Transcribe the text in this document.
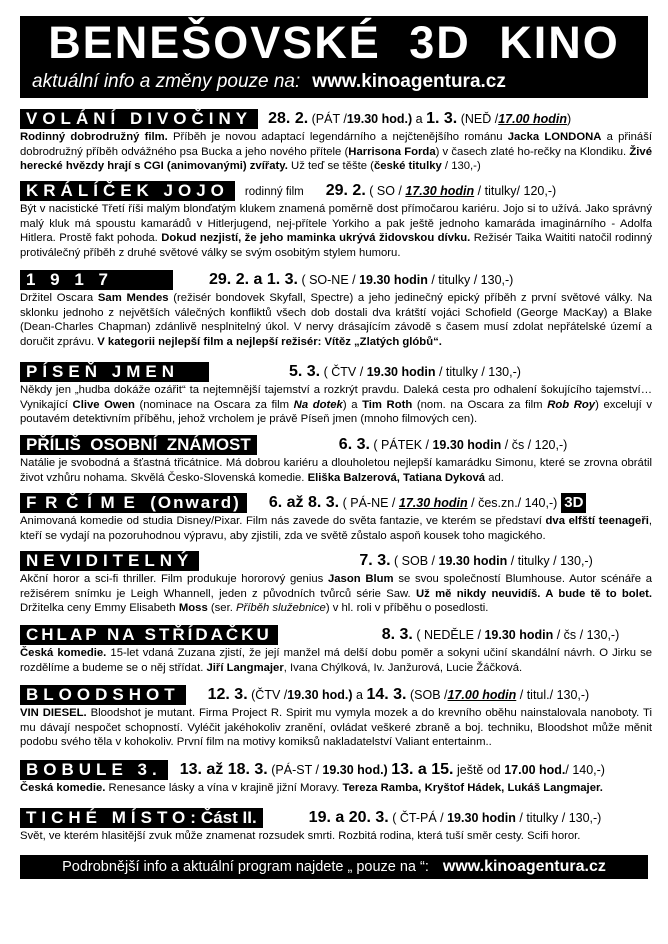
BENEŠOVSKÉ 3D KINO
aktuální info a změny pouze na: www.kinoagentura.cz
VOLÁNÍ DIVOČINY 28. 2. (PÁT /19.30 hod.) a 1. 3. (NEĎ /17.00 hodin)
Rodinný dobrodružný film. Příběh je novou adaptací legendárního a nejčtenějšího románu Jacka LONDONA a přináší dobrodružný příběh odvážného psa Bucka a jeho nového přítele (Harrisona Forda) v časech zlaté ho-rečky na Klondiku. Živé herecké hvězdy hrají s CGI (animovanými) zvířaty. Už teď se těšte (české titulky / 130,-)
KRÁLÍČEK JOJO rodinný film 29. 2. ( SO / 17.30 hodin / titulky/ 120,-)
Být v nacistické Třetí říši malým blonďatým klukem znamená poměrně dost přímočarou kariéru. Jojo si to užívá. Jako správný malý kluk má spoustu kamarádů v Hitlerjugend, nej-přítele Yorkiho a pak ještě jednoho kamaráda imaginárního - Adolfa Hitlera. Prostě fakt pohoda. Dokud nezjistí, že jeho maminka ukrývá židovskou dívku. Režisér Taika Waititi natočil rodinný protiválečný příběh z druhé světové války se svým osobitým stylem humoru.
1 9 1 7	29. 2. a 1. 3. ( SO-NE / 19.30 hodin / titulky / 130,-)
Držitel Oscara Sam Mendes (režisér bondovek Skyfall, Spectre) a jeho jedinečný epický příběh z první světové války. Na sklonku jednoho z největších válečných konfliktů všech dob dostali dva krátští vojáci Schofield (George MacKay) a Blake (Dean-Charles Chapman) zdánlivě nesplnitelný úkol. V nervy drásajícím závodě s časem musí zdolat nepřátelské území a doručit zprávu. V kategorii nejlepší film a nejlepší režisér: Vítěz „Zlatých glóbů“.
PÍSEŇ JMEN	5. 3. ( ČTV / 19.30 hodin / titulky / 130,-)
Někdy jen „hudba dokáže ozářit“ ta nejtemnější tajemství a rozkrýt pravdu. Daleká cesta pro odhalení šokujícího tajemství… Vynikající Clive Owen (nominace na Oscara za film Na dotek) a Tim Roth (nom. na Oscara za film Rob Roy) excelují v poutavém detektivním příběhu, jehož vrcholem je právě Píseň jmen (mnoho filmových cen).
PŘÍLIŠ  OSOBNÍ  ZNÁMOST	6. 3. ( PÁTEK / 19.30 hodin / čs / 120,-)
Natálie je svobodná a šťastná třicátnice. Má dobrou kariéru a dlouholetou nejlepší kamarádku Simonu, které se zrovna obrátil život vzhůru nohama. Skvělá Česko-Slovenská komedie. Eliška Balzerová, Tatiana Dyková ad.
F R Č Í M E  (Onward) 6. až 8. 3. ( PÁ-NE / 17.30 hodin / čes.zn./ 140,-) 3D
Animovaná komedie od studia Disney/Pixar. Film nás zavede do světa fantazie, ve kterém se představí dva elfští teenageři, kteří se vydají na pozoruhodnou výpravu, aby zjistili, zda ve světě zůstalo aspoň kousek toho magického.
NEVIDITELNÝ	7. 3. ( SOB / 19.30 hodin / titulky / 130,-)
Akční horor a sci-fi thriller. Film produkuje hororový genius Jason Blum se svou společností Blumhouse. Autor scénáře a režisérem snímku je Leigh Whannell, jeden z původních tvůrců série Saw. Už mě nikdy neuvidíš. A bude tě to bolet. Držitelka ceny Emmy Elisabeth Moss (ser. Příběh služebnice) v hl. roli v příběhu o posedlosti.
CHLAP NA STŘÍDAČKU	8. 3. ( NEDĚLE / 19.30 hodin / čs / 130,-)
Česká komedie. 15-let vdaná Zuzana zjistí, že její manžel má delší dobu poměr a sokyni učiní skandální návrh. O Jirku se rozdělíme a budeme se o něj střídat. Jiří Langmajer, Ivana Chýlková, Iv. Janžurová, Lucie Žáčková.
BLOODSHOT 12. 3. (ČTV /19.30 hod.) a 14. 3. (SOB /17.00 hodin / titul./ 130,-)
VIN DIESEL. Bloodshot je mutant. Firma Project R. Spirit mu vymyla mozek a do krevního oběhu nainstalovala nanoboty. Ti mu dávají nespočet schopností. Vyléčit jakéhokoliv zranění, ovládat veškeré zbraně a boj. techniku, Bloodshot může měnit podobu svého těla v kohokoliv. První film na motivy komiksů nakladatelství Valiant entertainm..
BOBULE 3. 13. až 18. 3. (PÁ-ST / 19.30 hod.) 13. a 15. ještě od 17.00 hod./ 140,-)
Česká komedie. Renesance lásky a vína v krajině jižní Moravy. Tereza Ramba, Kryštof Hádek, Lukáš Langmajer.
TICHÉ MÍSTO:Část II.	19. a 20. 3. ( ČT-PÁ / 19.30 hodin / titulky / 130,-)
Svět, ve kterém hlasitější zvuk může znamenat rozsudek smrti. Rozbitá rodina, která tuší směr cesty. Scifi horor.
Podrobnější info a aktuální program najdete „ pouze na “: www.kinoagentura.cz
